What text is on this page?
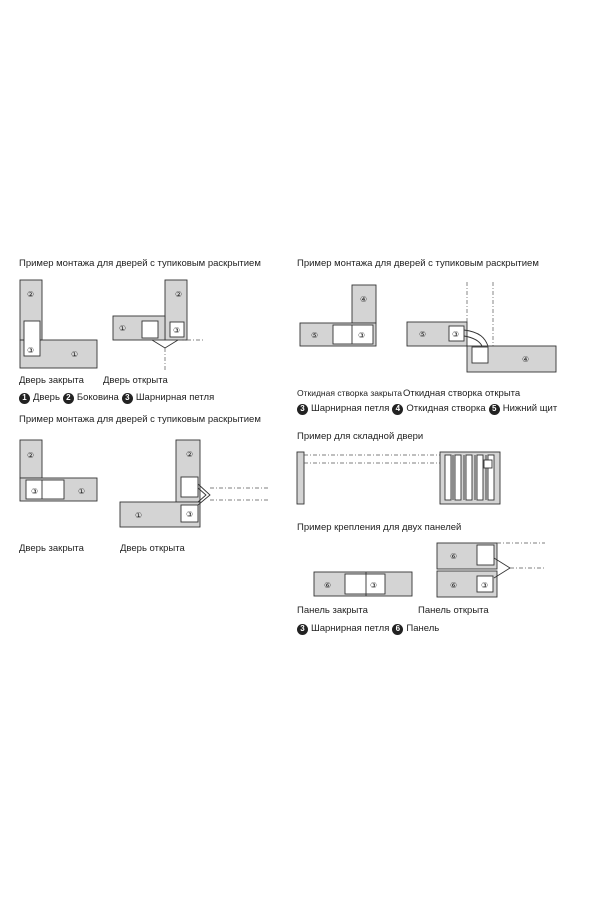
Пример монтажа для дверей с тупиковым раскрытием	Пример монтажа для дверей с тупиковым раскрытием
Пример монтажа для дверей с тупиковым раскрытием
Пример для складной двери
Пример крепления для двух панелей
Дверь закрыта Дверь открыта
Откидная створка закрыта Откидная створка открыта
Дверь закрыта	Дверь открыта
Панель закрыта	Панель открыта
1 Дверь 2 Боковина 3 Шарнирная петля
3 Шарнирная петля 4 Откидная створка 5 Нижний щит
3 Шарнирная петля 6 Панель
②
③	①
②
①	③
④
⑤	③	⑤	③
④
②
③	①
②
①	③
⑥	③
⑥
⑥	③
